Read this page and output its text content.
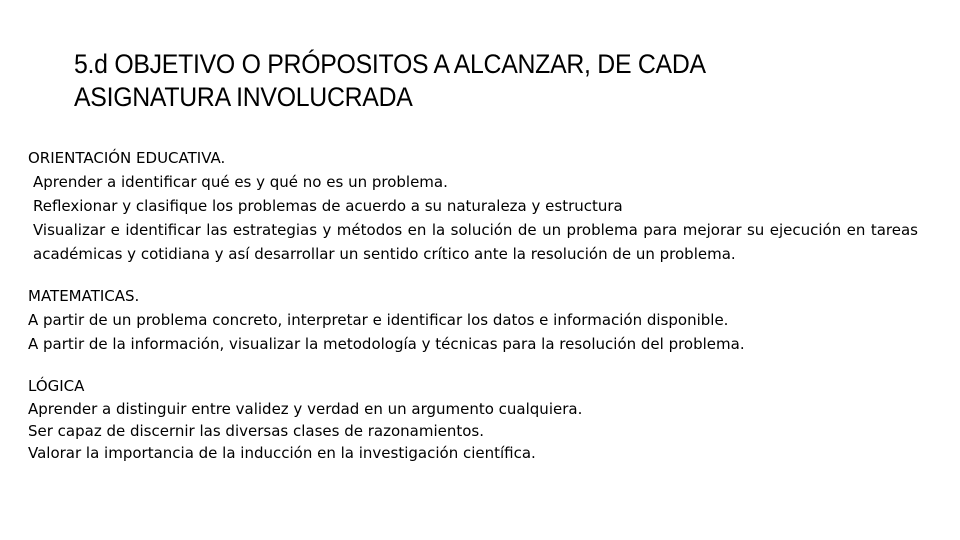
5.d OBJETIVO O PRÓPOSITOS A ALCANZAR, DE CADA
ASIGNATURA INVOLUCRADA
ORIENTACIÓN EDUCATIVA.
Aprender a identificar qué es y qué no es un problema.
Reflexionar y clasifique los problemas de acuerdo a su naturaleza y estructura
Visualizar e identificar las estrategias y métodos en la solución de un problema para mejorar su ejecución en tareas académicas y cotidiana y así desarrollar un sentido crítico ante la resolución de un problema.
MATEMATICAS.
A partir de un problema concreto, interpretar e identificar los datos e información disponible.
A partir de la información, visualizar la metodología y técnicas para la resolución del problema.
LÓGICA
Aprender a distinguir entre validez y verdad en un argumento cualquiera.
Ser capaz de discernir las diversas clases de razonamientos.
Valorar la importancia de la inducción en la investigación científica.
